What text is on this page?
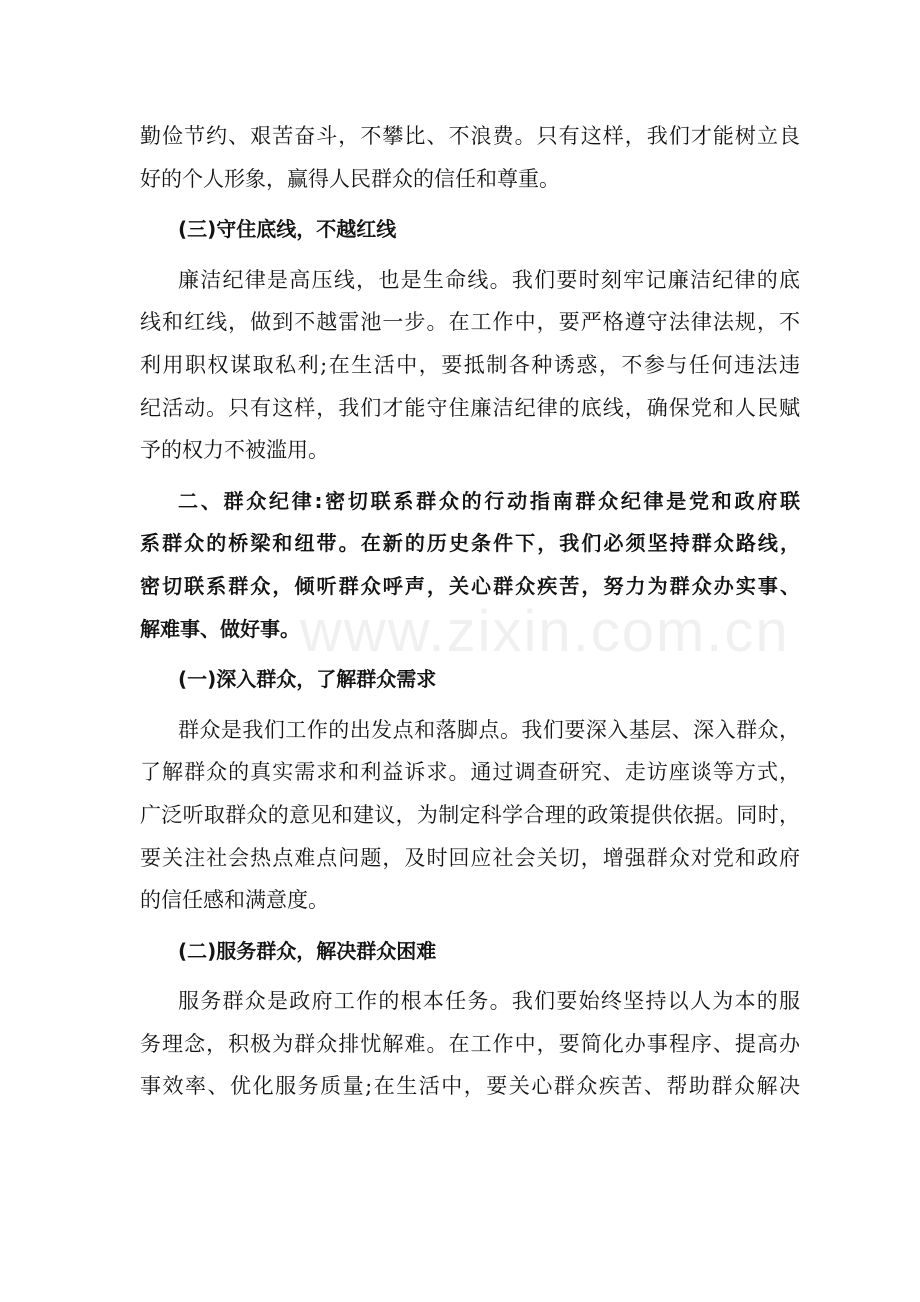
www.zixin.com.cn
勤俭节约、艰苦奋斗，不攀比、不浪费。只有这样，我们才能树立良
好的个人形象，赢得人民群众的信任和尊重。
(三)守住底线，不越红线
廉洁纪律是高压线，也是生命线。我们要时刻牢记廉洁纪律的底
线和红线，做到不越雷池一步。在工作中，要严格遵守法律法规，不
利用职权谋取私利;在生活中，要抵制各种诱惑，不参与任何违法违
纪活动。只有这样，我们才能守住廉洁纪律的底线，确保党和人民赋
予的权力不被滥用。
二、群众纪律:密切联系群众的行动指南群众纪律是党和政府联
系群众的桥梁和纽带。在新的历史条件下，我们必须坚持群众路线，
密切联系群众，倾听群众呼声，关心群众疾苦，努力为群众办实事、
解难事、做好事。
(一)深入群众，了解群众需求
群众是我们工作的出发点和落脚点。我们要深入基层、深入群众，
了解群众的真实需求和利益诉求。通过调查研究、走访座谈等方式，
广泛听取群众的意见和建议，为制定科学合理的政策提供依据。同时，
要关注社会热点难点问题，及时回应社会关切，增强群众对党和政府
的信任感和满意度。
(二)服务群众，解决群众困难
服务群众是政府工作的根本任务。我们要始终坚持以人为本的服
务理念，积极为群众排忧解难。在工作中，要简化办事程序、提高办
事效率、优化服务质量;在生活中，要关心群众疾苦、帮助群众解决
